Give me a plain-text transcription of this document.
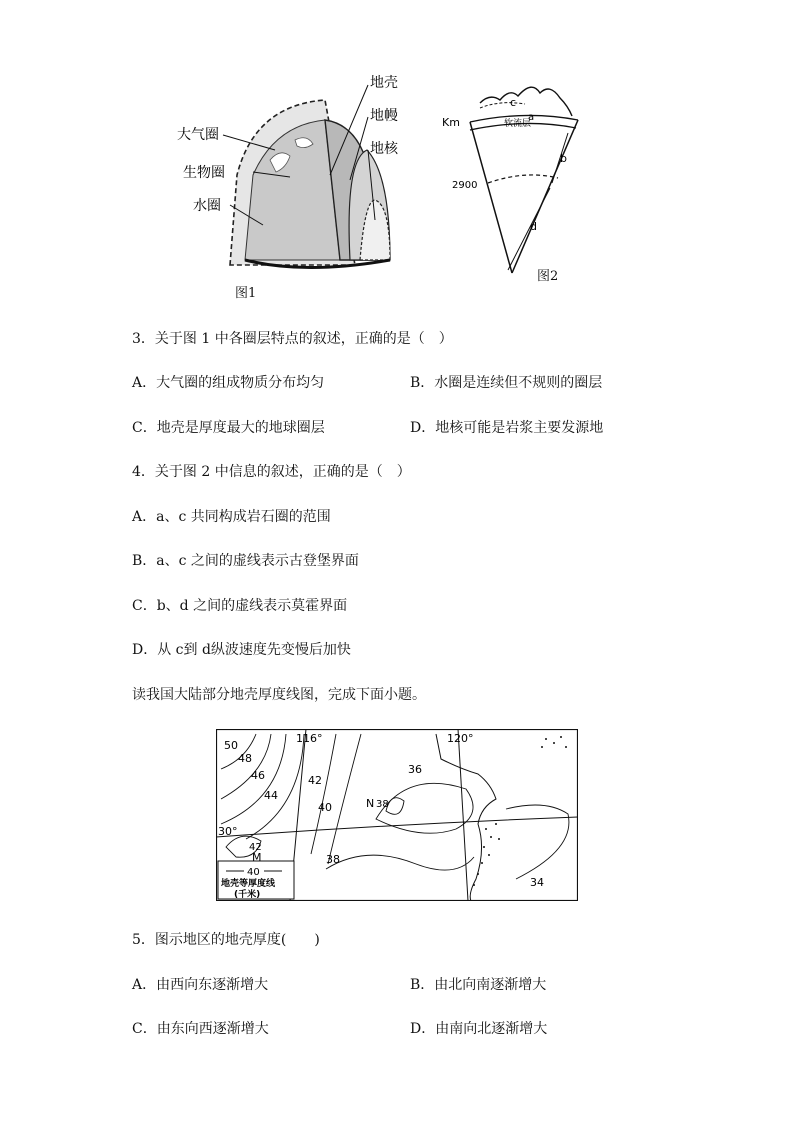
大气圈
生物圈
水圈
地壳
地幔
地核
图1
Km
2900
软流层
c
a
b
d
图2
3．关于图 1 中各圈层特点的叙述，正确的是（　）
A．大气圈的组成物质分布均匀	B．水圈是连续但不规则的圈层
C．地壳是厚度最大的地球圈层	D．地核可能是岩浆主要发源地
4．关于图 2 中信息的叙述，正确的是（　）
A．a、c 共同构成岩石圈的范围
B．a、c 之间的虚线表示古登堡界面
C．b、d 之间的虚线表示莫霍界面
D．从 c到 d纵波速度先变慢后加快
读我国大陆部分地壳厚度线图，完成下面小题。
40
地壳等厚度线
(千米)
116°	120°
30°
50
48
46
44
42
40	38
36
42
38
34
N
M
5．图示地区的地壳厚度(　　)
A．由西向东逐渐增大	B．由北向南逐渐增大
C．由东向西逐渐增大	D．由南向北逐渐增大
